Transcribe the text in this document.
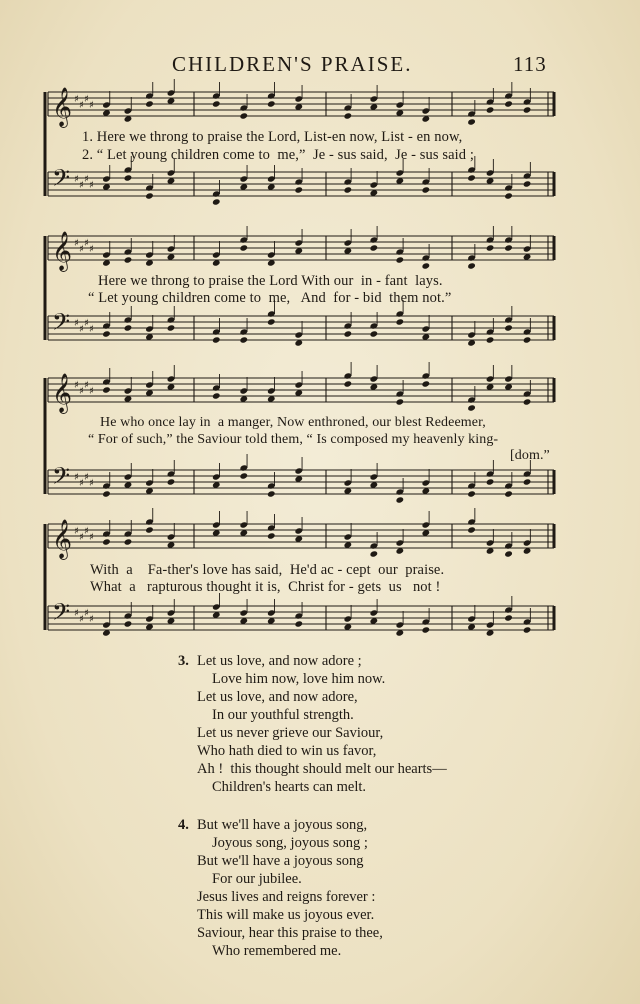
CHILDREN'S PRAISE.	113
𝄞 ♯
♯
♯
♯
1. Here we throng to praise the Lord, List-en now, List - en now,
2. “ Let young children come to  me,”  Je - sus said,  Je - sus said ;
𝄢 ♯
♯
♯
♯
𝄞 ♯
♯
♯
♯
Here we throng to praise the Lord With our  in - fant  lays.
“ Let young children come to  me,   And  for - bid  them not.”
𝄢 ♯
♯
♯
♯
𝄞 ♯
♯
♯
♯
He who once lay in  a manger, Now enthroned, our blest Redeemer,
“ For of such,” the Saviour told them, “ Is composed my heavenly king-
[dom.”
𝄢 ♯
♯
♯
♯
𝄞 ♯
♯
♯
♯
With  a    Fa-ther's love has said,  He'd ac - cept  our  praise.
What  a   rapturous thought it is,  Christ for - gets  us   not !
𝄢 ♯
♯
♯
♯
3. Let us love, and now adore ;
Love him now, love him now.
Let us love, and now adore,
In our youthful strength.
Let us never grieve our Saviour,
Who hath died to win us favor,
Ah !  this thought should melt our hearts—
Children's hearts can melt.
4. But we'll have a joyous song,
Joyous song, joyous song ;
But we'll have a joyous song
For our jubilee.
Jesus lives and reigns forever :
This will make us joyous ever.
Saviour, hear this praise to thee,
Who remembered me.
